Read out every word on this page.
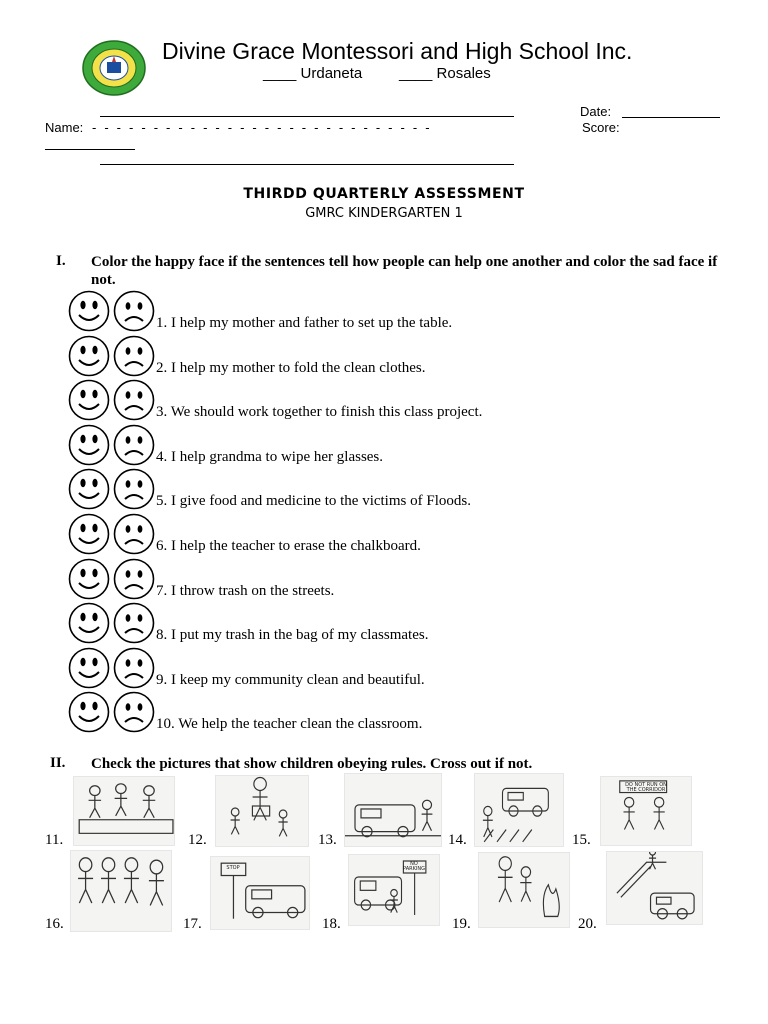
Divine Grace Montessori and High School Inc.
____ Urdaneta ____ Rosales
Name: - - - - - - - - - - - - - - - - - - - - - - - - - - - -
Date:
Score:
THIRDD QUARTERLY ASSESSMENT
GMRC KINDERGARTEN 1
I. Color the happy face if the sentences tell how people can help one another and color the sad face if not.
1. I help my mother and father to set up the table.
2. I help my mother to fold the clean clothes.
3. We should work together to finish this class project.
4. I help grandma to wipe her glasses.
5. I give food and medicine to the victims of Floods.
6. I help the teacher to erase the chalkboard.
7. I throw trash on the streets.
8. I put my trash in the bag of my classmates.
9. I keep my community clean and beautiful.
10. We help the teacher clean the classroom.
II. Check the pictures that show children obeying rules. Cross out if not.
11.	12.	13.	14.	15.
DO NOT RUN ON THE CORRIDOR
16.	17.
STOP
18.
NO PARKING
19.	20.
